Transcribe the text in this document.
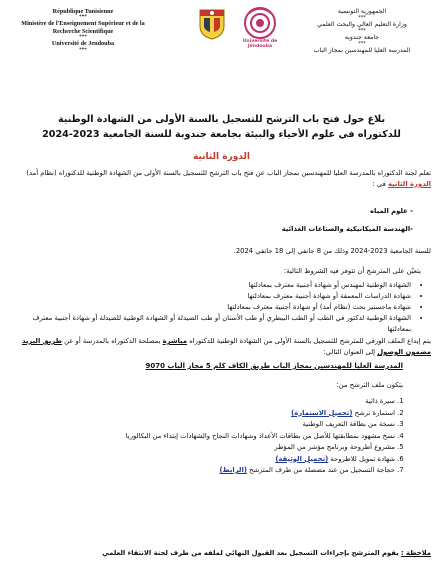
République Tunisienne
***
Ministère de l'Enseignement Supérieur et de la Recherche Scientifique
***
Université de Jendouba
***
Université de Jendouba
الجمهورية التونسية
***
وزارة التعليم العالي والبحث العلمي
***
جامعة جندوبة
***
المدرسة العليا للمهندسين بمجاز الباب
بلاغ حول فتح باب الترشح للتسجيل بالسنة الأولى من الشهادة الوطنية
للدكتوراه في علوم الأحياء والبيئة بجامعة جندوبة للسنة الجامعية 2023-2024
الدورة الثانية
تعلم لجنة الدكتوراه بالمدرسة العليا للمهندسين بمجاز الباب عن فتح باب الترشح للتسجيل بالسنة الأولى من الشهادة الوطنية للدكتوراه (نظام أمد) الدورة الثانية في :
- علوم المياه
-الهندسة الميكانيكية والصناعات الغذائية
للسنة الجامعية 2023-2024 وذلك من 8 جانفي إلى 18 جانفي 2024.
يتعيّن على المترشح أن تتوفر فيه الشروط التالية:
• الشهادة الوطنية لمهندس أو شهادة أجنبية معترف بمعادلتها
• شهادة الدراسات المعمقة أو شهادة أجنبية معترف بمعادلتها
• شهادة ماجستير بحث (نظام أمد) أو شهادة أجنبية معترف بمعادلتها
• الشهادة الوطنية لدكتور في الطب أو الطب البيطري أو طب الأسنان أو طب الصيدلة أو الشهادة الوطنية للصيدلة أو شهادة أجنبية معترف بمعادلتها
يتم إيداع الملف الورقي للمترشح للتسجيل بالسنة الأولى من الشهادة الوطنية للدكتوراه مباشرة بمصلحة الدكتوراه بالمدرسة أو عن طريق البريد مضمون الوصول إلى العنوان التالي:
المدرسة العليا للمهندسين بمجاز الباب طريق الكاف كلم 5 مجاز الباب 9070
يتكون ملف الترشح من:
1. سيرة ذاتية
2. استمارة ترشح (تحميل الاستمارة)
3. نسخة من بطاقة التعريف الوطنية
4. نسخ مشهود بمطابقتها للأصل من بطاقات الأعداد وشهادات النجاح والشهادات إبتداء من البكالوريا
5. مشروع أطروحة وبرنامج مؤشر من المؤطر
6. شهادة تمويل للاطروحة (تحميل الوثيقة)
7. حجاجة التسجيل من عند مصصلة من طرف المترشح (الرابط)
ملاحظة : يقوم المترشح بإجراءات التسجيل بعد القبول النهائي لملفه من طرف لجنة الانتقاء العلمي
